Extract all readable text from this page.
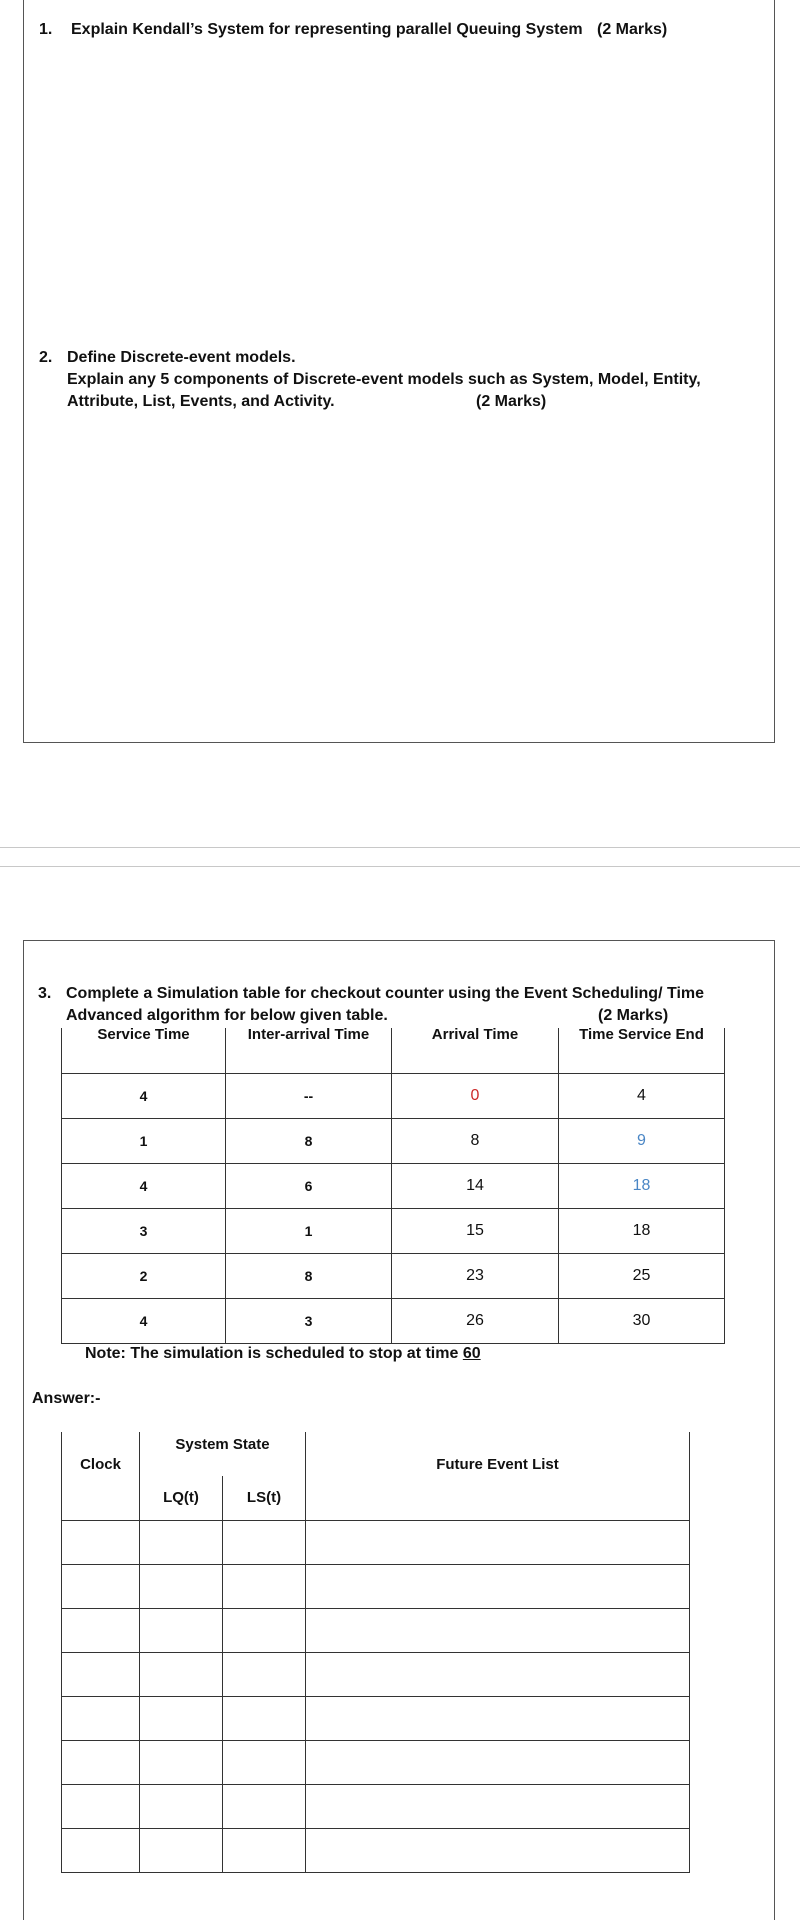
1. Explain Kendall’s System for representing parallel Queuing System (2 Marks)
2. Define Discrete-event models.
Explain any 5 components of Discrete-event models such as System, Model, Entity,
Attribute, List, Events, and Activity.	(2 Marks)
3. Complete a Simulation table for checkout counter using the Event Scheduling/ Time
Advanced algorithm for below given table.	(2 Marks)
Service Time	Inter-arrival Time	Arrival Time	Time Service End

4	--	0	4
1	8	8	9
4	6	14	18
3	1	15	18
2	8	23	25
4	3	26	30
Note: The simulation is scheduled to stop at time 60
Answer:-
Clock	System State		Future Event List
	LQ(t)	LS(t)	
